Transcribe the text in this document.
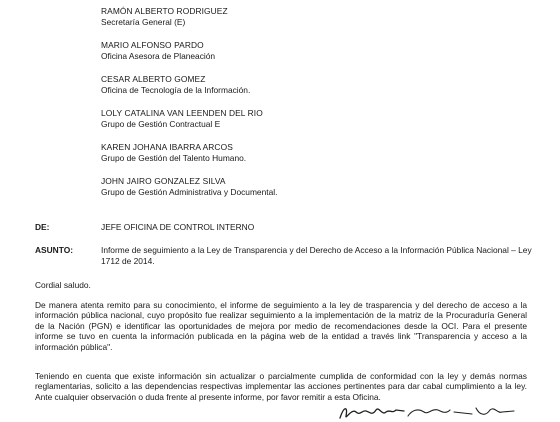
RAMÓN ALBERTO RODRIGUEZ
Secretaría General (E)
MARIO ALFONSO PARDO
Oficina Asesora de Planeación
CESAR ALBERTO GOMEZ
Oficina de Tecnología de la Información.
LOLY CATALINA VAN LEENDEN DEL RIO
Grupo de Gestión Contractual E
KAREN JOHANA IBARRA ARCOS
Grupo de Gestión del Talento Humano.
JOHN JAIRO GONZALEZ SILVA
Grupo de Gestión Administrativa y Documental.
DE:	JEFE OFICINA DE CONTROL INTERNO
ASUNTO:	Informe de seguimiento a la Ley de Transparencia y del Derecho de Acceso a la Información Pública Nacional – Ley 1712 de 2014.
Cordial saludo.

De manera atenta remito para su conocimiento, el informe de seguimiento a la ley de trasparencia y del derecho de acceso a la información pública nacional, cuyo propósito fue realizar seguimiento a la implementación de la matriz de la Procuraduría General de la Nación (PGN) e identificar las oportunidades de mejora por medio de recomendaciones desde la OCI. Para el presente informe se tuvo en cuenta la información publicada en la página web de la entidad a través link "Transparencia y acceso a la información pública".

Teniendo en cuenta que existe información sin actualizar o parcialmente cumplida de conformidad con la ley y demás normas reglamentarias, solicito a las dependencias respectivas implementar las acciones pertinentes para dar cabal cumplimiento a la ley. Ante cualquier observación o duda frente al presente informe, por favor remitir a esta Oficina.
